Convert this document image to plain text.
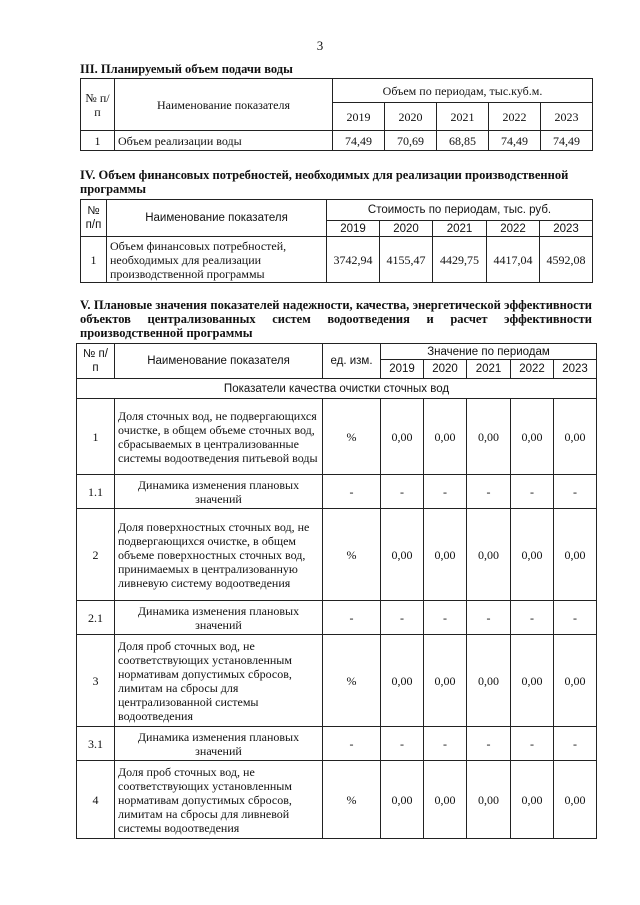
3
III. Планируемый объем подачи воды
№ п/п	Наименование показателя	Объем по периодам, тыс.куб.м.				
		2019	2020	2021	2022	2023
1	Объем реализации воды	74,49	70,69	68,85	74,49	74,49
IV. Объем финансовых потребностей, необходимых для реализации производственной программы
№ п/п	Наименование показателя	Стоимость по периодам, тыс. руб.				
		2019	2020	2021	2022	2023
1	Объем финансовых потребностей, необходимых для реализации производственной программы	3742,94	4155,47	4429,75	4417,04	4592,08
V. Плановые значения показателей надежности, качества, энергетической эффективности объектов централизованных систем водоотведения и расчет эффективности производственной программы
№ п/п	Наименование показателя	ед. изм.	Значение по периодам				
			2019	2020	2021	2022	2023
Показатели качества очистки сточных вод							
1	Доля сточных вод, не подвергающихся очистке, в общем объеме сточных вод, сбрасываемых в централизованные системы водоотведения питьевой воды	%	0,00	0,00	0,00	0,00	0,00
1.1	Динамика изменения плановых значений	-	-	-	-	-	-
2	Доля поверхностных сточных вод, не подвергающихся очистке, в общем объеме поверхностных сточных вод, принимаемых в централизованную ливневую систему водоотведения	%	0,00	0,00	0,00	0,00	0,00
2.1	Динамика изменения плановых значений	-	-	-	-	-	-
3	Доля проб сточных вод, не соответствующих установленным нормативам допустимых сбросов, лимитам на сбросы для централизованной системы водоотведения	%	0,00	0,00	0,00	0,00	0,00
3.1	Динамика изменения плановых значений	-	-	-	-	-	-
4	Доля проб сточных вод, не соответствующих установленным нормативам допустимых сбросов, лимитам на сбросы для ливневой системы водоотведения	%	0,00	0,00	0,00	0,00	0,00
